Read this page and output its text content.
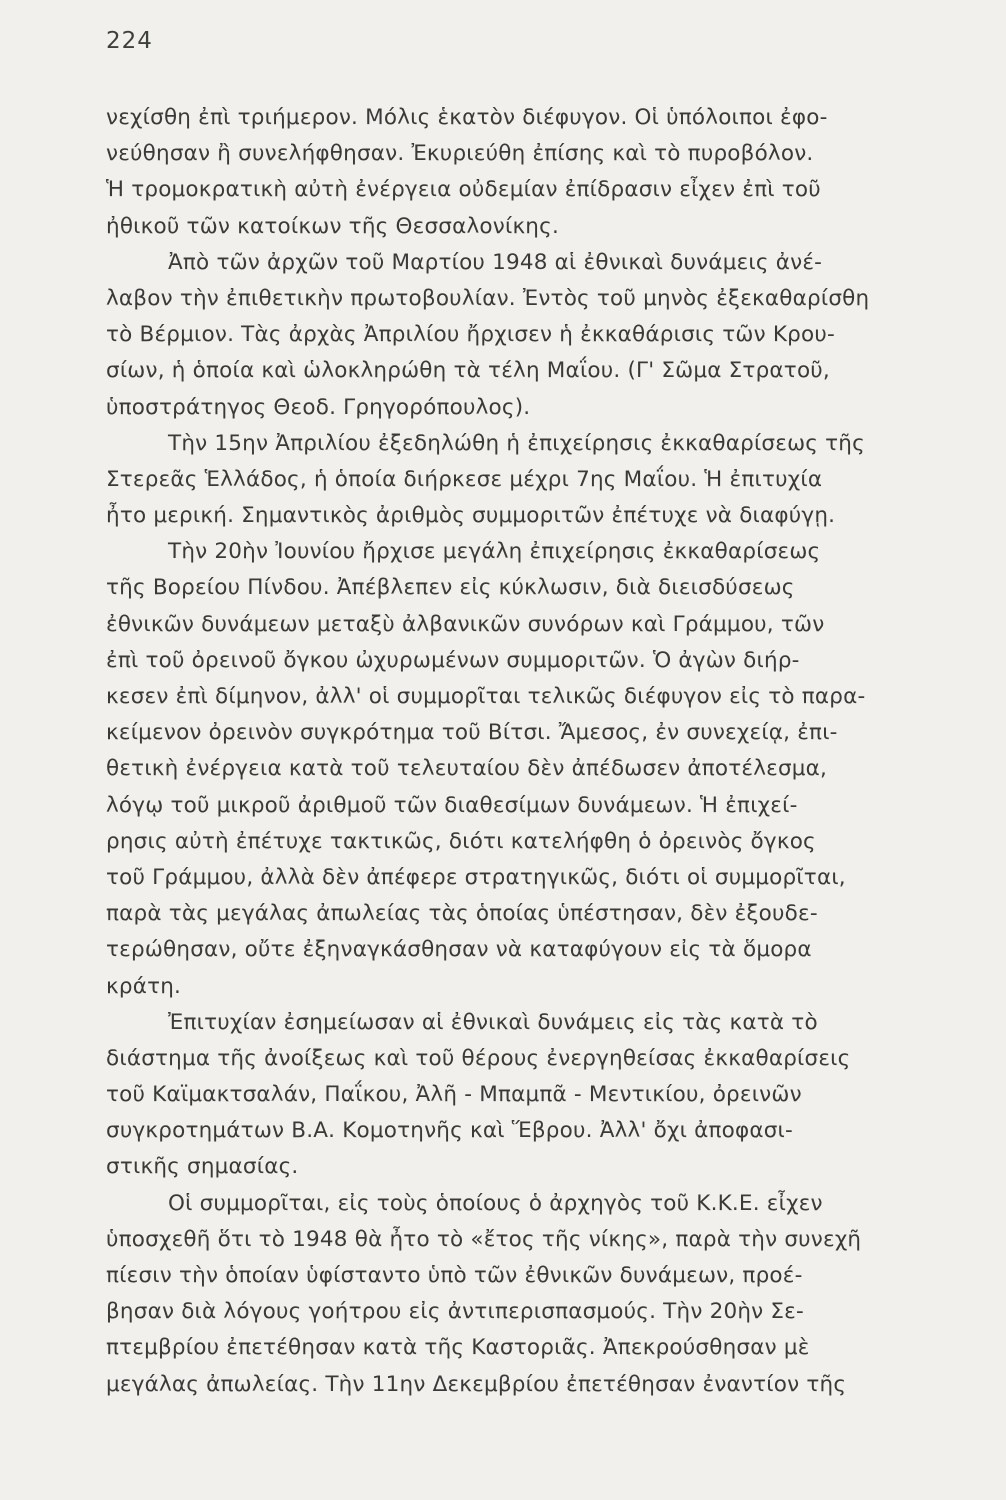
224
νεχίσθη ἐπὶ τριήμερον. Μόλις ἑκατὸν διέφυγον. Οἱ ὑπόλοιποι ἐφο-
νεύθησαν ἢ συνελήφθησαν. Ἐκυριεύθη ἐπίσης καὶ τὸ πυροβόλον.
Ἡ τρομοκρατικὴ αὐτὴ ἐνέργεια οὐδεμίαν ἐπίδρασιν εἶχεν ἐπὶ τοῦ
ἠθικοῦ τῶν κατοίκων τῆς Θεσσαλονίκης.
Ἀπὸ τῶν ἀρχῶν τοῦ Μαρτίου 1948 αἱ ἐθνικαὶ δυνάμεις ἀνέ-
λαβον τὴν ἐπιθετικὴν πρωτοβουλίαν. Ἐντὸς τοῦ μηνὸς ἐξεκαθαρίσθη
τὸ Βέρμιον. Τὰς ἀρχὰς Ἀπριλίου ἤρχισεν ἡ ἐκκαθάρισις τῶν Κρου-
σίων, ἡ ὁποία καὶ ὡλοκληρώθη τὰ τέλη Μαΐου. (Γ' Σῶμα Στρατοῦ,
ὑποστράτηγος Θεοδ. Γρηγορόπουλος).
Τὴν 15ην Ἀπριλίου ἐξεδηλώθη ἡ ἐπιχείρησις ἐκκαθαρίσεως τῆς
Στερεᾶς Ἑλλάδος, ἡ ὁποία διήρκεσε μέχρι 7ης Μαΐου. Ἡ ἐπιτυχία
ἦτο μερική. Σημαντικὸς ἀριθμὸς συμμοριτῶν ἐπέτυχε νὰ διαφύγῃ.
Τὴν 20ὴν Ἰουνίου ἤρχισε μεγάλη ἐπιχείρησις ἐκκαθαρίσεως
τῆς Βορείου Πίνδου. Ἀπέβλεπεν εἰς κύκλωσιν, διὰ διεισδύσεως
ἐθνικῶν δυνάμεων μεταξὺ ἀλβανικῶν συνόρων καὶ Γράμμου, τῶν
ἐπὶ τοῦ ὀρεινοῦ ὄγκου ὠχυρωμένων συμμοριτῶν. Ὁ ἀγὼν διήρ-
κεσεν ἐπὶ δίμηνον, ἀλλ' οἱ συμμορῖται τελικῶς διέφυγον εἰς τὸ παρα-
κείμενον ὀρεινὸν συγκρότημα τοῦ Βίτσι. Ἄμεσος, ἐν συνεχείᾳ, ἐπι-
θετικὴ ἐνέργεια κατὰ τοῦ τελευταίου δὲν ἀπέδωσεν ἀποτέλεσμα,
λόγῳ τοῦ μικροῦ ἀριθμοῦ τῶν διαθεσίμων δυνάμεων. Ἡ ἐπιχεί-
ρησις αὐτὴ ἐπέτυχε τακτικῶς, διότι κατελήφθη ὁ ὀρεινὸς ὄγκος
τοῦ Γράμμου, ἀλλὰ δὲν ἀπέφερε στρατηγικῶς, διότι οἱ συμμορῖται,
παρὰ τὰς μεγάλας ἀπωλείας τὰς ὁποίας ὑπέστησαν, δὲν ἐξουδε-
τερώθησαν, οὔτε ἐξηναγκάσθησαν νὰ καταφύγουν εἰς τὰ ὅμορα
κράτη.
Ἐπιτυχίαν ἐσημείωσαν αἱ ἐθνικαὶ δυνάμεις εἰς τὰς κατὰ τὸ
διάστημα τῆς ἀνοίξεως καὶ τοῦ θέρους ἐνεργηθείσας ἐκκαθαρίσεις
τοῦ Καϊμακτσαλάν, Παΐκου, Ἀλῆ - Μπαμπᾶ - Μεντικίου, ὀρεινῶν
συγκροτημάτων Β.Α. Κομοτηνῆς καὶ Ἕβρου. Ἀλλ' ὄχι ἀποφασι-
στικῆς σημασίας.
Οἱ συμμορῖται, εἰς τοὺς ὁποίους ὁ ἀρχηγὸς τοῦ Κ.Κ.Ε. εἶχεν
ὑποσχεθῆ ὅτι τὸ 1948 θὰ ἦτο τὸ «ἔτος τῆς νίκης», παρὰ τὴν συνεχῆ
πίεσιν τὴν ὁποίαν ὑφίσταντο ὑπὸ τῶν ἐθνικῶν δυνάμεων, προέ-
βησαν διὰ λόγους γοήτρου εἰς ἀντιπερισπασμούς. Τὴν 20ὴν Σε-
πτεμβρίου ἐπετέθησαν κατὰ τῆς Καστοριᾶς. Ἀπεκρούσθησαν μὲ
μεγάλας ἀπωλείας. Τὴν 11ην Δεκεμβρίου ἐπετέθησαν ἐναντίον τῆς
